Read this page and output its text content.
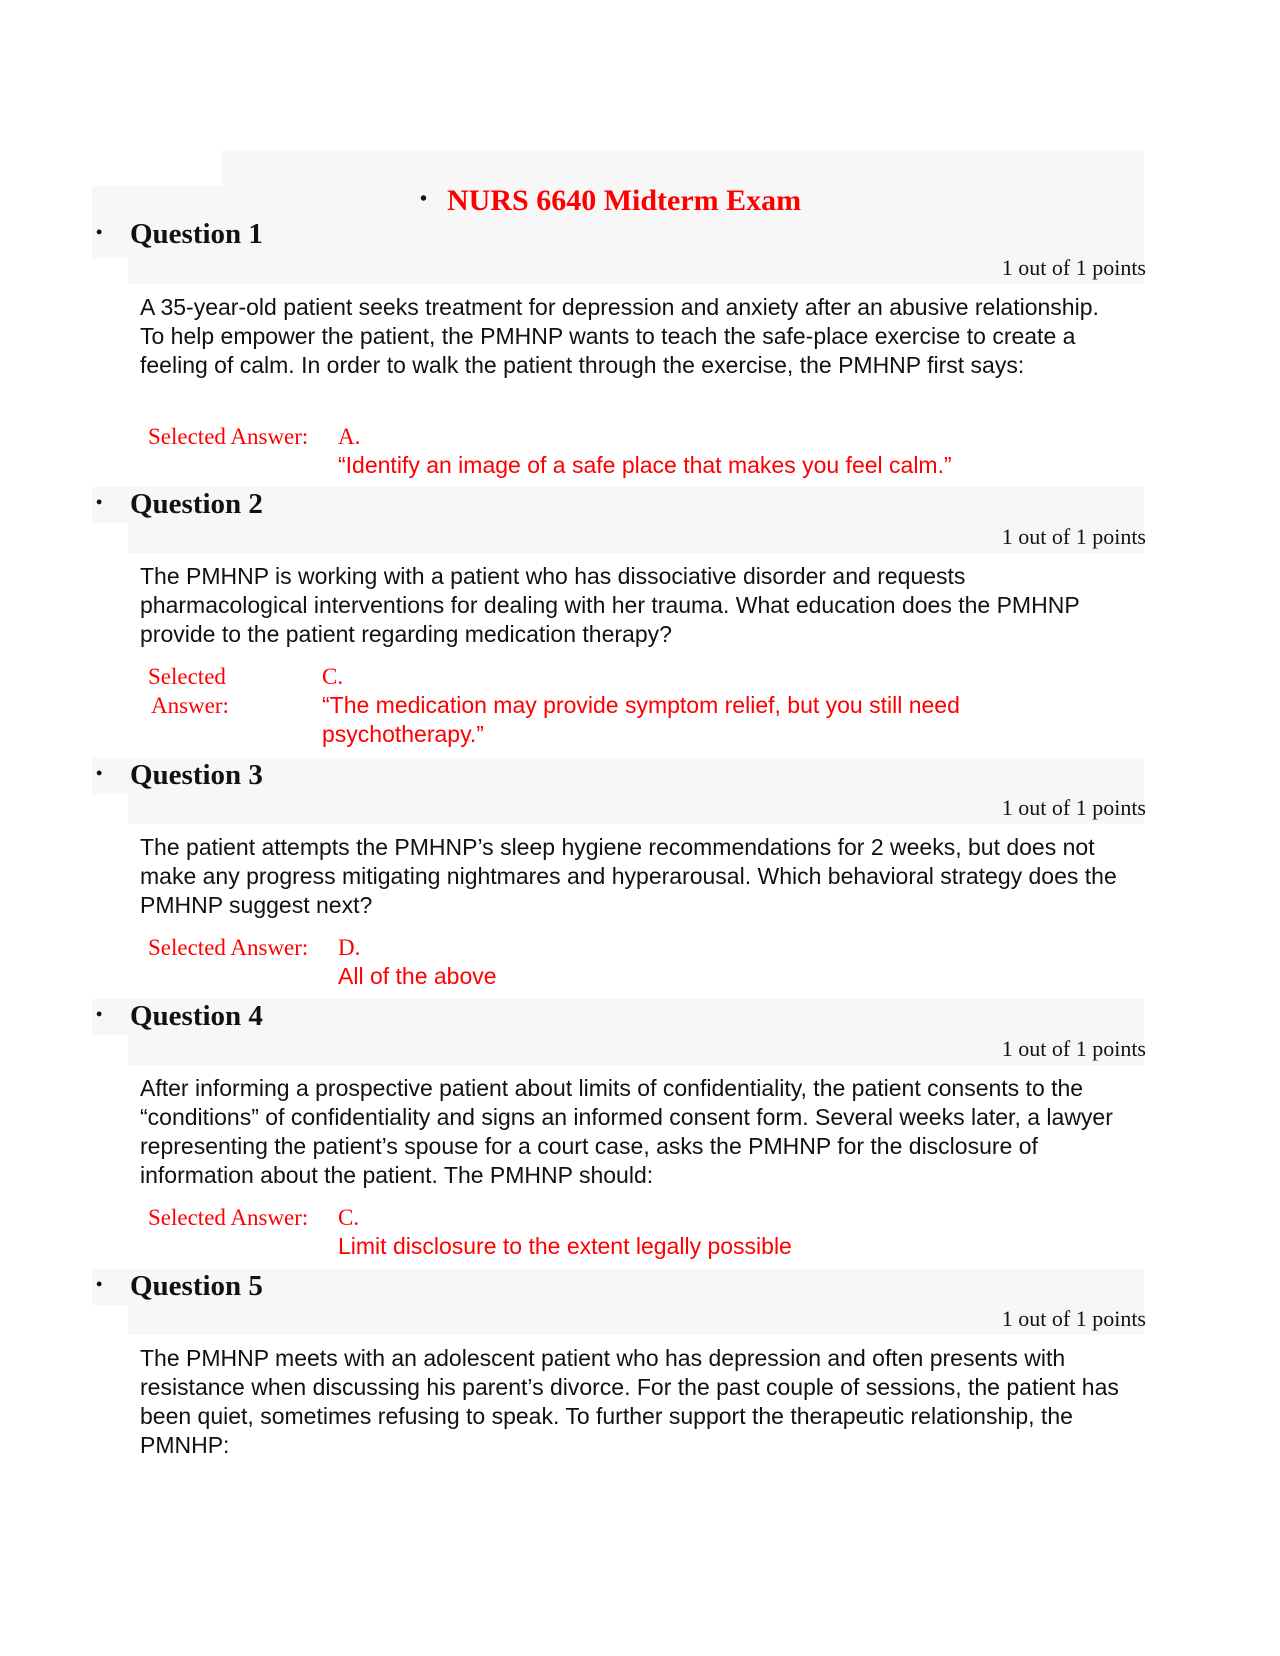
• NURS 6640 Midterm Exam
• Question 1
1 out of 1 points

A 35-year-old patient seeks treatment for depression and anxiety after an abusive relationship. To help empower the patient, the PMHNP wants to teach the safe-place exercise to create a feeling of calm. In order to walk the patient through the exercise, the PMHNP first says:

Selected Answer: A.
“Identify an image of a safe place that makes you feel calm.”
• Question 2
1 out of 1 points

The PMHNP is working with a patient who has dissociative disorder and requests pharmacological interventions for dealing with her trauma. What education does the PMHNP provide to the patient regarding medication therapy?

Selected
Answer:
C.
“The medication may provide symptom relief, but you still need psychotherapy.”
• Question 3
1 out of 1 points

The patient attempts the PMHNP’s sleep hygiene recommendations for 2 weeks, but does not make any progress mitigating nightmares and hyperarousal. Which behavioral strategy does the PMHNP suggest next?

Selected Answer: D.
All of the above
• Question 4
1 out of 1 points

After informing a prospective patient about limits of confidentiality, the patient consents to the “conditions” of confidentiality and signs an informed consent form. Several weeks later, a lawyer representing the patient’s spouse for a court case, asks the PMHNP for the disclosure of information about the patient. The PMHNP should:

Selected Answer: C.
Limit disclosure to the extent legally possible
• Question 5
1 out of 1 points

The PMHNP meets with an adolescent patient who has depression and often presents with resistance when discussing his parent’s divorce. For the past couple of sessions, the patient has been quiet, sometimes refusing to speak. To further support the therapeutic relationship, the PMNHP:
